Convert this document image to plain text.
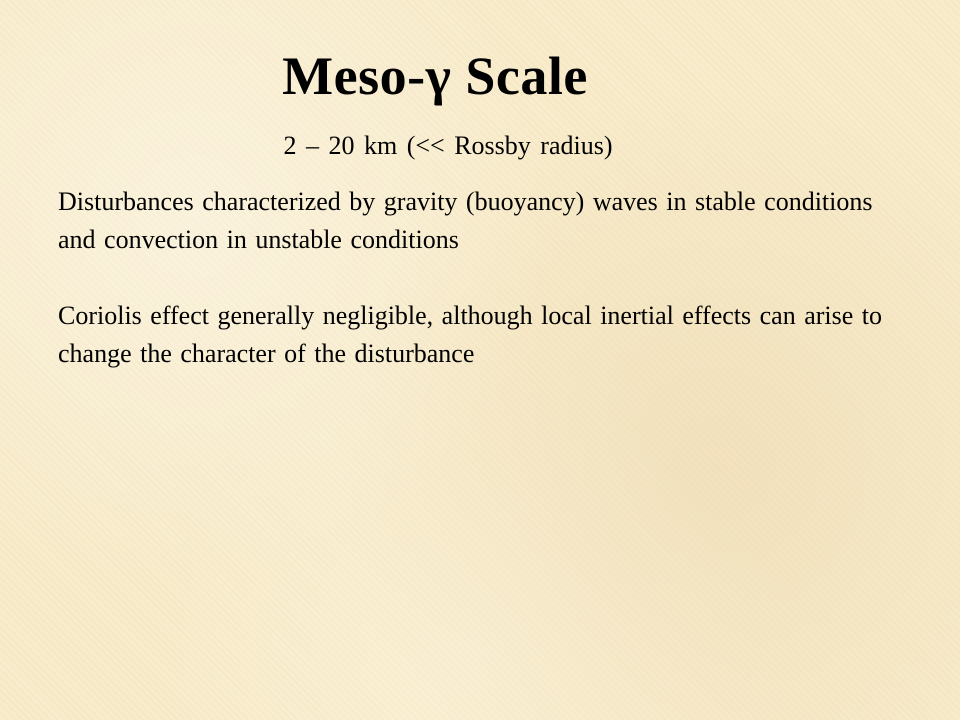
Meso-γ Scale

2 – 20 km (<< Rossby radius)

Disturbances characterized by gravity (buoyancy) waves in stable conditions and convection in unstable conditions

Coriolis effect generally negligible, although local inertial effects can arise to change the character of the disturbance
